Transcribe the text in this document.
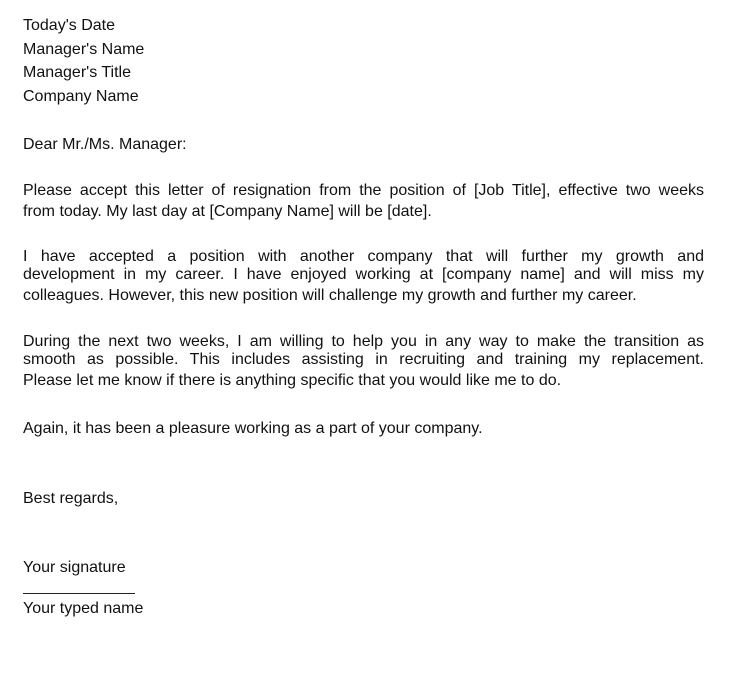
Today's Date
Manager's Name
Manager's Title
Company Name
Dear Mr./Ms. Manager:
Please accept this letter of resignation from the position of [Job Title], effective two weeks
from today. My last day at [Company Name] will be [date].
I have accepted a position with another company that will further my growth and
development in my career. I have enjoyed working at [company name] and will miss my
colleagues. However, this new position will challenge my growth and further my career.
During the next two weeks, I am willing to help you in any way to make the transition as
smooth as possible. This includes assisting in recruiting and training my replacement.
Please let me know if there is anything specific that you would like me to do.
Again, it has been a pleasure working as a part of your company.
Best regards,
Your signature
Your typed name
